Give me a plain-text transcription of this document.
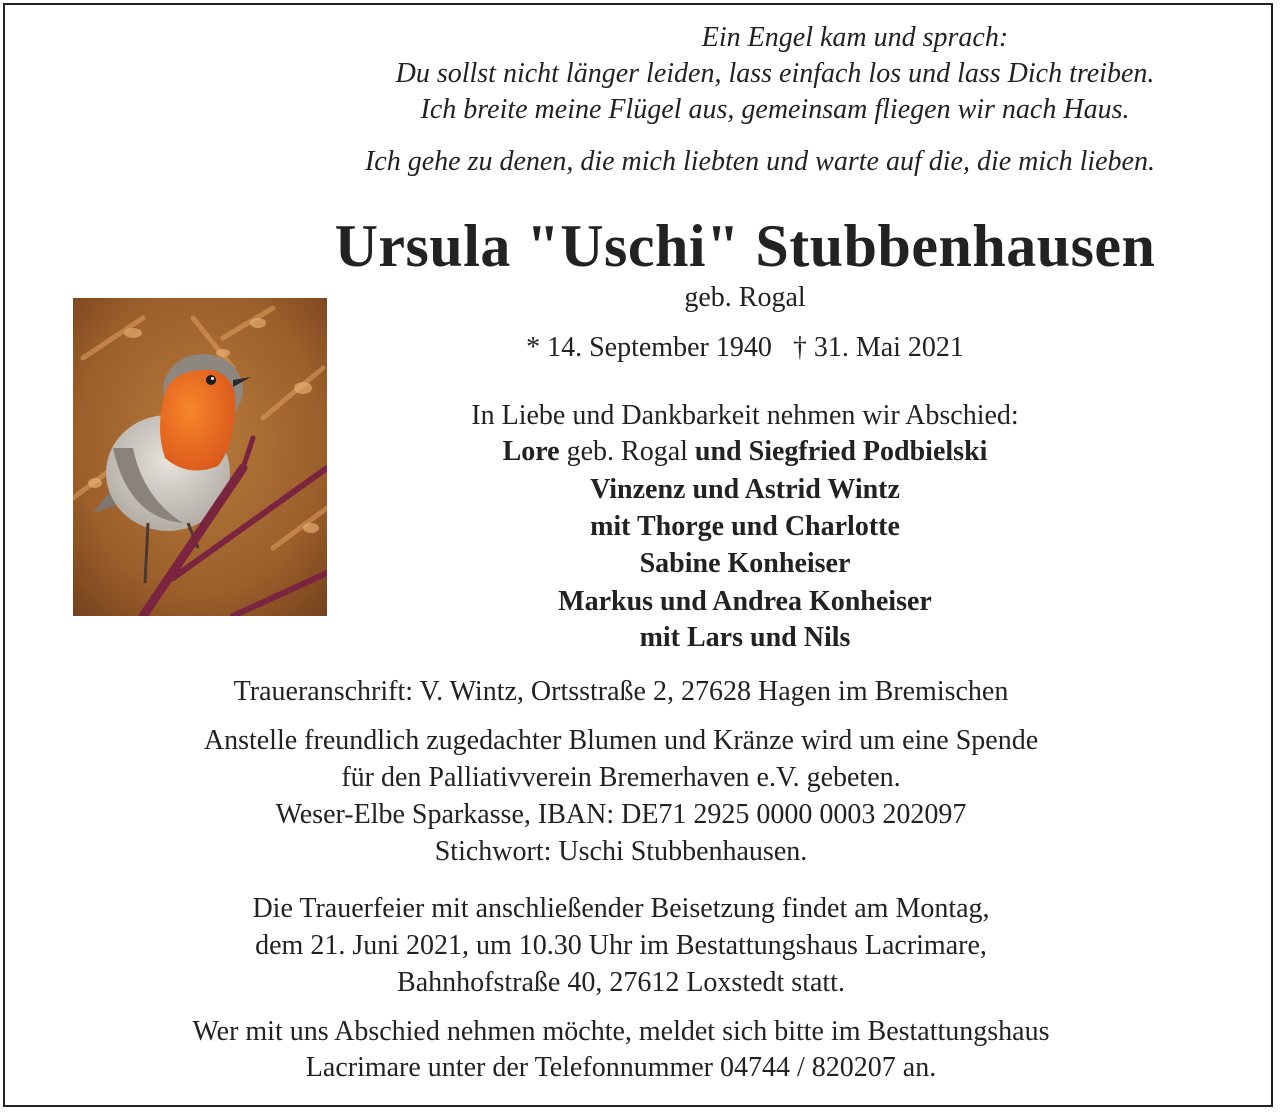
Ein Engel kam und sprach:
Du sollst nicht länger leiden, lass einfach los und lass Dich treiben.
Ich breite meine Flügel aus, gemeinsam fliegen wir nach Haus.
Ich gehe zu denen, die mich liebten und warte auf die, die mich lieben.
Ursula "Uschi" Stubbenhausen
geb. Rogal
* 14. September 1940   † 31. Mai 2021
In Liebe und Dankbarkeit nehmen wir Abschied:
Lore geb. Rogal und Siegfried Podbielski
Vinzenz und Astrid Wintz
mit Thorge und Charlotte
Sabine Konheiser
Markus und Andrea Konheiser
mit Lars und Nils
Traueranschrift: V. Wintz, Ortsstraße 2, 27628 Hagen im Bremischen
Anstelle freundlich zugedachter Blumen und Kränze wird um eine Spende
für den Palliativverein Bremerhaven e.V. gebeten.
Weser-Elbe Sparkasse, IBAN: DE71 2925 0000 0003 202097
Stichwort: Uschi Stubbenhausen.
Die Trauerfeier mit anschließender Beisetzung findet am Montag,
dem 21. Juni 2021, um 10.30 Uhr im Bestattungshaus Lacrimare,
Bahnhofstraße 40, 27612 Loxstedt statt.
Wer mit uns Abschied nehmen möchte, meldet sich bitte im Bestattungshaus
Lacrimare unter der Telefonnummer 04744 / 820207 an.
